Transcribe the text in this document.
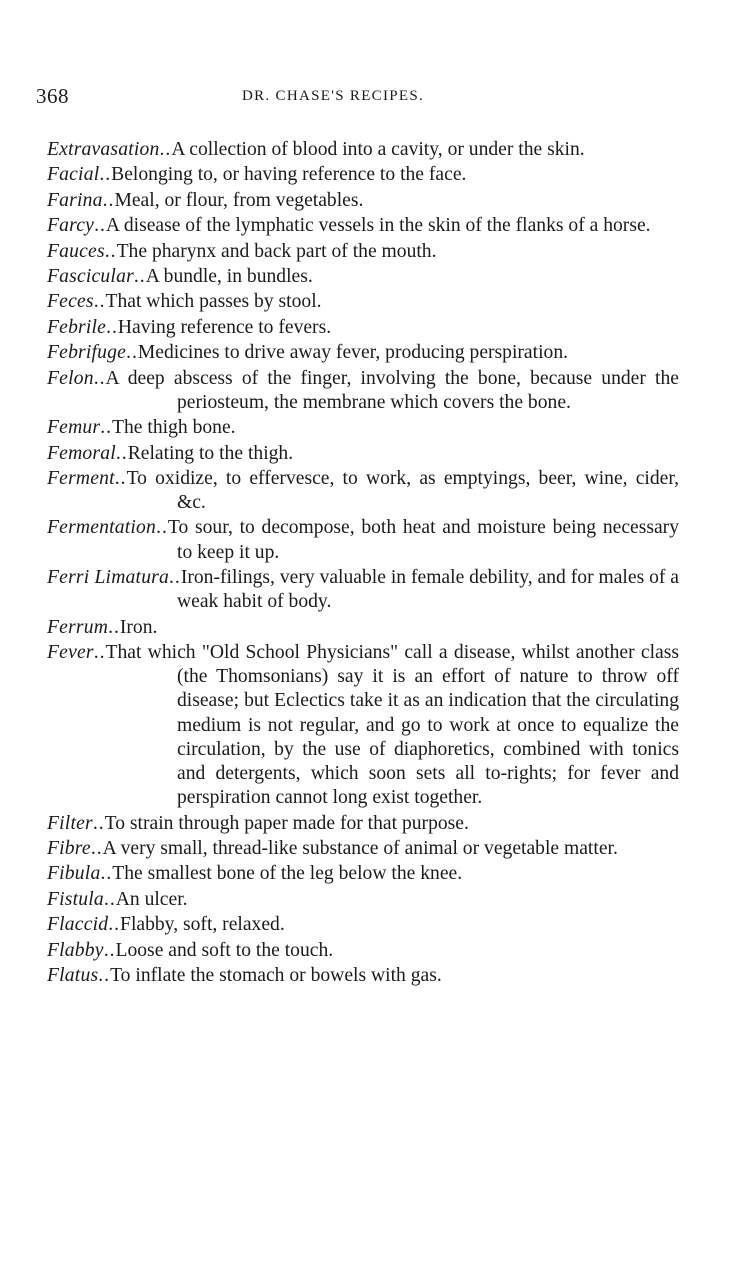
368	DR. CHASE'S RECIPES.

Extravasation..A collection of blood into a cavity, or under the skin.

Facial..Belonging to, or having reference to the face.

Farina..Meal, or flour, from vegetables.

Farcy..A disease of the lymphatic vessels in the skin of the flanks of a horse.

Fauces..The pharynx and back part of the mouth.

Fascicular..A bundle, in bundles.

Feces..That which passes by stool.

Febrile..Having reference to fevers.

Febrifuge..Medicines to drive away fever, producing perspiration.

Felon..A deep abscess of the finger, involving the bone, because under the periosteum, the membrane which covers the bone.

Femur..The thigh bone.

Femoral..Relating to the thigh.

Ferment..To oxidize, to effervesce, to work, as emptyings, beer, wine, cider, &c.

Fermentation..To sour, to decompose, both heat and moisture being necessary to keep it up.

Ferri Limatura..Iron-filings, very valuable in female debility, and for males of a weak habit of body.

Ferrum..Iron.

Fever..That which "Old School Physicians" call a disease, whilst another class (the Thomsonians) say it is an effort of nature to throw off disease; but Eclectics take it as an indication that the circulating medium is not regular, and go to work at once to equalize the circulation, by the use of diaphoretics, combined with tonics and detergents, which soon sets all to-rights; for fever and perspiration cannot long exist together.

Filter..To strain through paper made for that purpose.

Fibre..A very small, thread-like substance of animal or vegetable matter.

Fibula..The smallest bone of the leg below the knee.

Fistula..An ulcer.

Flaccid..Flabby, soft, relaxed.

Flabby..Loose and soft to the touch.

Flatus..To inflate the stomach or bowels with gas.
